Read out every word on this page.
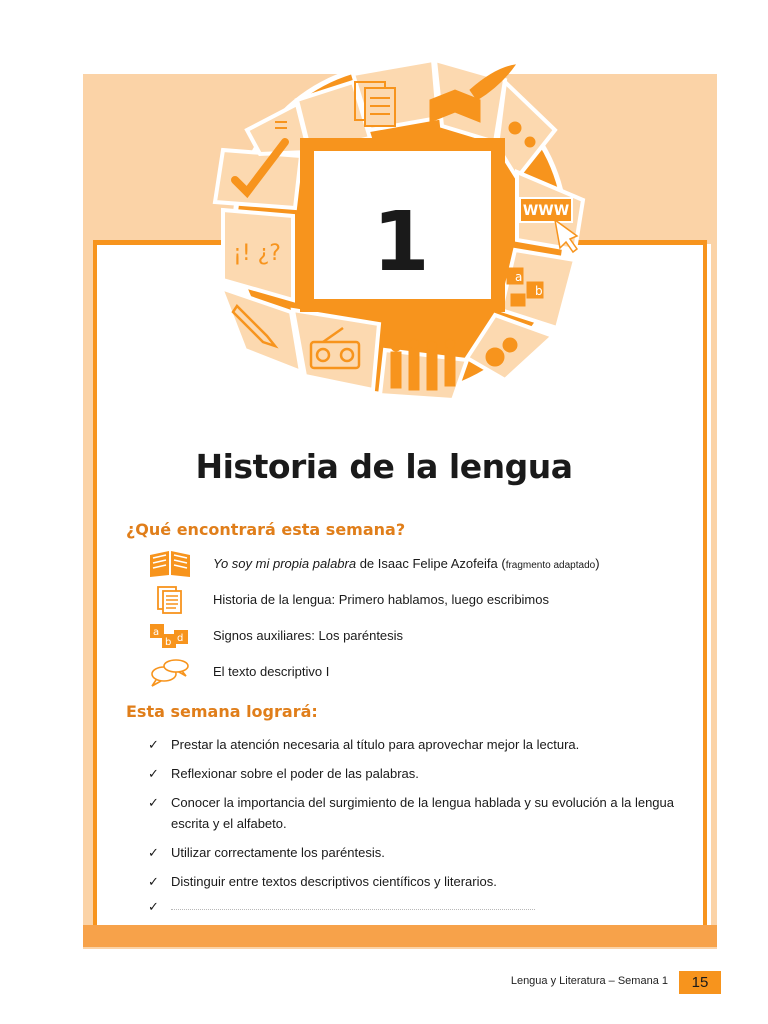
1	WWW
a
b
¡! ¿?
Historia de la lengua
¿Qué encontrará esta semana?
Yo soy mi propia palabra de Isaac Felipe Azofeifa (fragmento adaptado)
Historia de la lengua: Primero hablamos, luego escribimos
a
b d Signos auxiliares: Los paréntesis
El texto descriptivo I
Esta semana logrará:
✓ Prestar la atención necesaria al título para aprovechar mejor la lectura.
✓ Reflexionar sobre el poder de las palabras.
✓ Conocer la importancia del surgimiento de la lengua hablada y su evolución a la lengua escrita y el alfabeto.
✓ Utilizar correctamente los paréntesis.
✓ Distinguir entre textos descriptivos científicos y literarios.
✓
Lengua y Literatura – Semana 1	15
